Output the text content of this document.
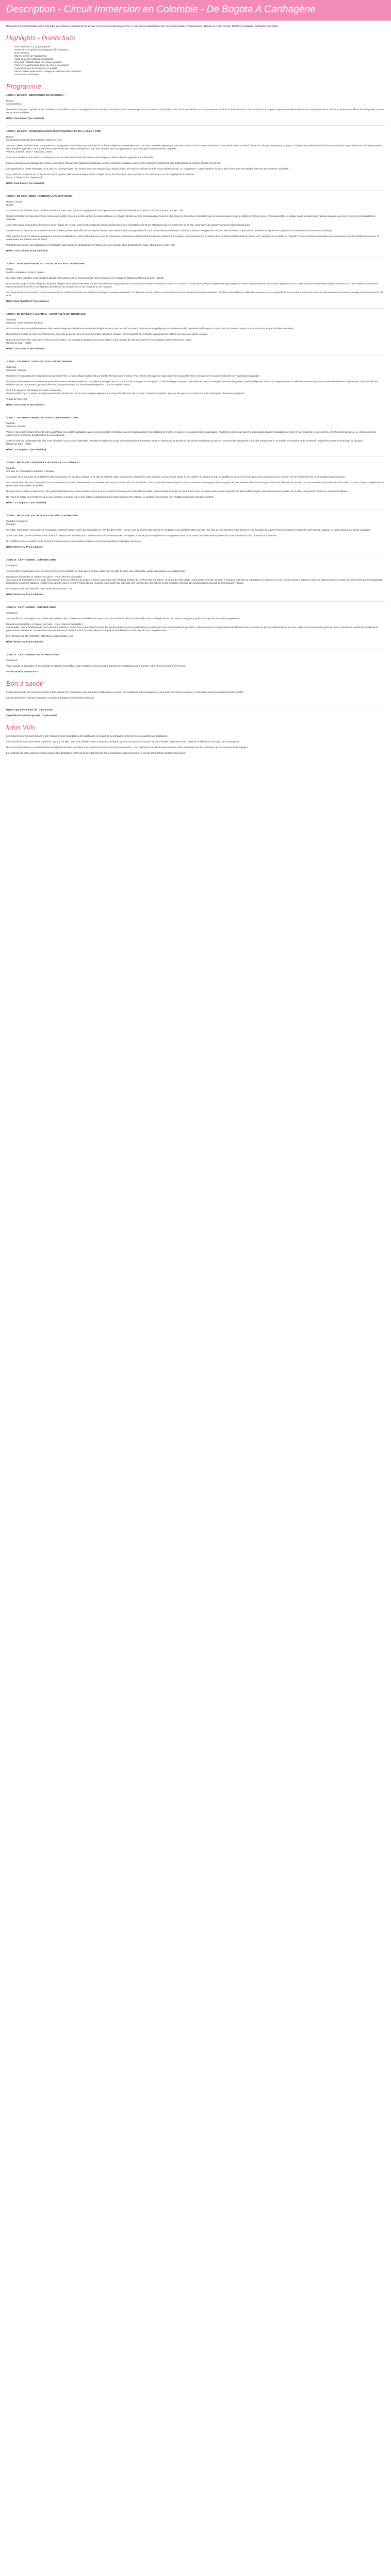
Description - Circuit Immersion en Colombie - De Bogota A Carthagène

Découvrez les incontournables de la Colombie avec d'autres compagnons de voyage ! Un circuit en petit groupe riche en expériences authentiques loin des sentiers battus. Au programme : Bogota, la région du café, Medellín et Guatapé, Carthagène des Indes.

Highlights - Points forts
• Petit comité de 2 à 12 participants
• Présence d'un guide-accompagnateur francophone
• Demi-pension
• Marché coloré de Paloquemao
• Visite du centre historique de Bogota
• Nuit chez l'habitant dans une cfinca colombie
• Visite d'une authentique finca de café et dégustation
• Immersion dans la Comuna 13 à Medellin
• Pêche traditionnelle dans un village de pêcheurs afro-caribéens
• Un seul vol domestique
Programme

JOUR 1 : BOGOTA : BIENVENIDOS EN COLOMBIA !

Bogota.
La Candelaria.

Bienvenue à Bogota, capitale de la Colombie ! Un chauffeur et un accompagnateur francophone vous attendront à l'aéroport pour vous conduire à votre hôtel. Selon de la journée libre pour vous reposer après le vol international ou découvrir par vos propres moyens cette ville andine et vous imprégner de sa culture au simplement flâner dans le quartier colonial où se situe votre hôtel.

Hôtel: Casa Deco 3* (ou similaire)

JOUR 2 : BOGOTA : VISITE DU MARCHÉ DE PALOQUEMAO ET DE LA VILLE À PIED

Bogota.
La Candelaria, Marché Des Quinoas, Museo Del Oro.

Le matin, départ de l'hôtel avec votre guide accompagnateur francophone pour le marché de fruits et légumes de Paloquemao. C'est une Colombie typique que vous découvrez et vous prenezment dans ce marché de vente au détail qui est l'un des plus importants du pays. Le départ des professionnels de la restauration y s'approvisionnent et il est provenant de la variation agrilcoles. Vous y trouverez toutes sortes de fruits et de légumes, dont plus certains que vous grignoterez, que vous pourrez bien entendu déguster !
Visite du marché : 1h20 ~ Transport : 40min

Vous vous rendez ensuite dans un restaurant local pour découvrir toutes les saveurs de la région au détour de plats typiques et traditionnels.

L'après-midi découvrez Bogota à la manière des "rolos" (surnom des habitants de Bogota). Le tour à pied de la capitale vous emmène dans les endroits les plus authentiques et chargés d'histoire de la ville.

La Candelaria, le centre historique de la ville, est un endroit plein de charme avec ses maisons aux couleurs vives, ses balcons en bois sculpté et ses palettes fleuris. Au programme : la place Bolivar, la place del Chorro avec ses artistes ainsi que ses maisons coloniales.

Vous visitez le musée de l'or où se trouve la plus grande collection d'Amérique Latine d'objets en or précolombiens, avec plus de 30 000 pièces en or et de magnifiques émeraudes.
Retour à l'hôtel en fin d'après-midi.

Hôtel: Casa Deco 3* (ou similaire)

JOUR 3 : BOGOTA HONDA : VISITE DE LA VILLE D'HONDA

Bogota, Honda.
Honda.

Ce matin notre chauffeur vous conduit à Honda. En route notre guide accompagnateur francophone vous racontera l'histoire et la vie de Colombie. (Temps de trajet : 4h).

Honda fut fondée au milieu du XVIème siècle pour faciliter l'accès à la côte caribéenne depuis Bogota. Le village est situé au bord du Magdalena, fleuve le plus grand de Colombie et important voie de communication jusqu'au début de XXème siècle. C'est aujourd'hui un village classé au patrimoine national du pays, avec son histoire et son architecture coloniale.

Avec notre guide, vous partez découvrir la riche histoire de Honda, ancien port de Bogota. Nous comprenons mieux l'importance du fleuve Magdalena pour le commerce de la ville, sans parler du quartier colonial le plus beau du pays.

La visite est l'occasion de se promener dans les ruelles pavées de la ville, de voir le pont Navarro qui traverse le fleuve Magdalena, le tracé de l'ancienne voie ferrée, certaines maisons prestigieuses comme celle de Alfonso Lopez ancien président et également la place où fut créé l'ancien mouvement historique.

Café expérience vit l'occasion de naviguer sur le fleuve Magdalena. Nous embarquons au port de Caracoli et débarquons à l'embouchure du fleuve Guarinó. Sur la plage, nous participons à un atelier de techniques traditionnelles de lancer de l' "atarraya" et la pêche au "cóngolo". C'est l'occasion de partager des expériences avec les pêcheurs locaux et de comprendre leur relation avec le fleuve.

Pendant l'expérience, nous dégustons un "bocadillo" plat typique du département de Tolima avec une boisson et un dessert de la région. (Temps de la visite : 3h)

Hôtel: Casa Colonial 3* (ou similaire)

JOUR 4 : DE HONDA À MURILLO : VISITE DU VILLAGE D'AMBALEMA

Murillo.
Murillo, Ambalema, Armero Tragedy.

Ce matin notre chauffeur vous conduit à Murillo. Vous passerons un chemin par les ruines d'Armero et le village d'Ambalema. (Temps de trajet : 3h/4h)

Nous visitons ce jour, le joli village d'Ambalema, village avec maisons blanches sur les rives du fleuve Magdalena. Nous découvrons ensuite les ruines d'Armero où a eu lieu une des plus grandes tragédies du pays lorsque le volcan Nevado del Ruiz est entré en éruption et une coulée de boue a enseveli le village. Aujourd'hui on peut observer comment la nature reprend ses droits et la végétation pousse sur les vestiges de ce qui restait de la cité disparue.

Vous prenprendrez ensuite les routes sinueuses de la cordillère centrale pour rejoindre le village pittoresque de Murillo. On découvre le ses maisons construites avec la technique de planches verticales colorées et les habitants coiffés de chapeaux et accompagnés de leurs mules. Le tout avec une vue imprenable sur le sommet enneigé du volcan Nevado del Ruiz.

Hôtel: Chez l'habitant 2* (ou similaire)

JOUR 5 : DE MURILLO À SALAMINA : ARRÊT AUX SAUX THERMALES

Salamina.
Salamina, Hotel Termales Del Ruiz.

Nous continuons notre périple route en direction du village de Salamina en seulement éloigné le volcan encore actif et pouvoir observer sa magnifique pousse d'Hermes d'Ecosystème endémiques comme celui du Páramo, unique dans le monde ainsi que de belles cascades.

Nous faisons ensuite un arrêt aux Thermes del Ruiz afin de profiter de ses eaux thermales naturelles chaudes, et ses sentiers de montagne regorgeant de colibris aux nouveaux douze volcans.

Nous poursuivons notre route vers notre prochaine étape. Les paysages changent pour laisser place à des champs de café qui couvrent les montagnes saltonnelles de la région.
(Temps de trajet : 4h30)

Hôtel: Casa Loma 3* (ou similaire)

JOUR 6 : SALAMINA : VISITE DE LA VALLÉE DE SAMARIA

Salamina.
Salamina, Samaria.

Excursion en transport privé (jeep willys) jusqu'à San Felix, un petit village traditionnel qui semble être figé dans le temps. Vous allez y découvrir de l'agriculture et y la quantité est un élevage bovin local en séduiront vos magnifiques paysages.

Des personnes simples et travailleuses vous feront sentir une atmosphère de tranquillité et de repos qui, en outre, va de montagne à montagnes. La vie du village comprend une solidarité : jeep à l'usage et hectares (bergeries). Après le déjeuner, nous vous dirigeons vers la vallée de Samaria pour une promenade d'environ deux heures, dans la forêt des Palmiers de cire de Samaria, qui nous offre une vue panoramique sur l'exubérante végétation d'une incroyable beauté.

Pour finir, déjeunez au Mirador et visitez à Salamina.
Dans la vallée, il y a un projet de regroupement des palmiers de cire, il trouve un plan régénérateur. Voyez les éléments de ce projet "Adoptez un palmier" pour un des gens de ces plus sommet volcaniques récemment appréciez.

Temps de trajet : 6h

Hôtel: Casa Loma 3* (ou similaire)

JOUR 7 : SALAMINA - MEDELLIN VISITE D'UNE FERME À CAFÉ

Medellin.
Salamina, Medellin.

Visite en Jeep Willys d'une ferme de café à La Palma. Une petite exploitation avec des gens simples et humbles qui ont voulu maintenir les traditions de mettre en place et les coutumes de la campagne. Pendant la visite, vous aurez la promenade dans les plantations de café et vous goûterez le café comme à l'air frais très lumineux. Le visite comprend également le processus de fabrication du café artisanal.

Après la visite de la plantation de café notre chauffeur vous conduit à Medellín. Pendant le trajet votre guide accompagnateur francophone nous en dit plus sur la deuxième cité la plus importante du pays et comment elle est passée d'une ville dangereuse à un modèle d'innovation et de modernité, aujourd'hui centre économique de la région.
(Temps de trajet : 4h30)

Hôtel: La Campana 3* (ou similaire)

JOUR 8 : MEDELLIN : VISITE DE LA VILLE ET DE LA COMUNA 13

Medellín.
Comuna 13, Plaza Botero Medellín, Antioquia.

Le quartier de la Comuna 13 de Medellín était auparavant l'un des plus violents de la ville de Medellín. Mais leurs peines, fatigués de cette situation, ont décidé de réagir, ils ont réalisé l'art comme le rap, les graffitis ou encore le break dance pour transformer leur quartier. On se mouvement est né la fondation Casa Kolacho.

Deux décennies plus tard, ce petit de rencontre d'artistes a donné une alternative aux enfants pour ne pas tomber dans la criminalité. C'est comme alternative. Aujourd'hui nous sommes accompagnés de notre guide et d'un membre de la fondation pour découvrir l'histoire du quartier, reconnu comme un des plus sûrs de la ville. La visite comprend également la promenade en escaliers de graffitis.

Nous prenons ensuite le métro avec notre guide francophone qui vous emmènera faire un tour du centre historique de la ville afin de visiter la place Botero ainsi que la place Berrío avec quelques-unes de ses sculptures les plus emblématiques. Nous terminerons la visite par la place de la Sainte Trinité au niveau de la bâtisse.

De retour de toutes ces émotions, nous vous invitons, le dernier jour a vous mettre à disposition pour l'après-midi de San Antonio. Le quartier vous réserve une véritable patrimoine musical et culturel.

Hôtel: La Campana 3* (ou similaire)

JOUR 9 : MEDELLIN : EXCURSION À GUATAPÉ - CARTHAGÈNE

Medellín, Cartagena.
Guatapé.

Ce matin, notre guide vous emmène à Guatapé, charmant village coloré que surplombe la « Piedra del Peñol », Lavez-vous de la plus belle vue de la montagne et du grand de 220m de haut ! Du haut de ses marches, nous découvrez un paysage de lagunes hors du commun se laquelle vous pouvez naviguer ou vous essayer aux sports nautiques.

Après l'excursion, notre chauffeur vous conduit à l'aéroport de Medellín pour prendre votre vol à destination de Carthagène. C'est là que votre guide accompagnateur vous dit au revoir pour vous laisser profiter en toute liberté de la cité Caraïbe et son bonheur.

Un chauffeur nous accueillit à notre arrivée à l'aéroport pour vous conduire à l'hôtel, au sein la magnifique Carthagène des Indes.

Hôtel: Monterrey 3* (ou similaire)

JOUR 10 : CARTHAGÈNE : JOURNÉE LIBRE

Cartagena.

Journée libre à Carthagène pour découvrir la Perle des Caraïbes en toute liberté ou bien opter pour la visite de cette ville authentique, guide francophone (en supplément).

Excursions disponibles (à réserver sur place – vous réservez disponible) :
Tour à pied de Carthagène avec guide francophone Suivez les traces du pirate et laissez-vous porter par l'héritage métissé de la "Perle des Caraïbes". Au cours de cette balade, votre guide vous fait remonter à l'époque coloniale de Carthagène, le long de ses rues, de ses maisons colorées et de ses places animées. Fondée au XVIe siècle par les Espagnols, Carthagène a subi les attaques répétées des pirates, dont le célèbre Francis Drake ! Laissez-vous porter par la beauté des monuments, des églises et des murailles, témoins des temps passés mais qui défient toujours l'histoire.

Prix (personne (à titre indicatif) : 85€ Durée approximative : 4h

Hôtel: Monterrey 3* (ou similaire)

JOUR 11 : CARTHAGÈNE : JOURNÉE LIBRE

Cartagena.

Journée libre à Carthagène pour profiter des lumières des Caraïbes en toute liberté ou opter pour une activité de pêche traditionnelle dans un village afro et découvrir sa mangrove, guide francophone inclus (en supplément).

Excursions disponibles (à réserver sur place – vous réservez disponible) :
À Bocagrille : Pêche Traditionnelle avec guide francophone. Partez pour une expérience hors des sentiers battus pour les pescadores, à la rencontre de communautés de pêcheurs. Cette expérience vous permettra de découvrir les techniques de pêche traditionnelle et de vous mettre à la rencontre des gens de la mer. Découvrez ensuite les secrets de la gastronomie caribéenne : les habitants vous apprennent à cuisiner le fruit de votre pêche accompagné d'un délicieux riz à la noix de coco. Régalez-vous !

Prix (personne (à titre indicatif) : 145€ Durée approximative : 6h

Hôtel: Monterrey 3* (ou similaire)

JOUR 12 : CARTHAGÈNE VOL INTERNATIONAL

Cartagena.

Votre voyage en Colombie en petit groupe se termine aujourd'hui. Notre chauffeur vous conduit à l'aéroport de Carthagène pour prendre votre vol en direction de la France.

*** FIN DE NOS SERVICES ***

Bon à savoir

Le déroulement de vos circuits est donné à titre indicatif. Ce programme peut subir des modifications en raison des conditions météorologiques ou tout autre cas de force majeure. L'ordre des visites peut également être modifié.

La liste des hôtels n'est pas exhaustive, des hôtels similaires peuvent être proposés.

Départs garantis à partir de : 2 personnes

Capacité maximum du groupe : 12 personnes

Infos Vols

Les horaires des vols sont donnés à titre indicatif et sont susceptibles de modification de la part de la compagnie aérienne ou des autorités aéroportuaires.

Les horaires de vols vous seront confirmés : pour le vol aller, lors de la réception de la convocation aéroport, pour le vol retour, en fonction de votre arrivée. Ils peuvent faire l'objet de modifications de la part des compagnies.

Nous vous proposons en complément de nos départs de Paris, des options au départ de Province (en train ou en avion). Les horaires et le mode d'acheminement seront confirmés lors de la réception de vos documents de voyages.

La continuité de votre acheminement (jusqu'à votre destination finale est assuré directement par la compagnie aérienne même en cas de perturbations d'ordre sous retour.
